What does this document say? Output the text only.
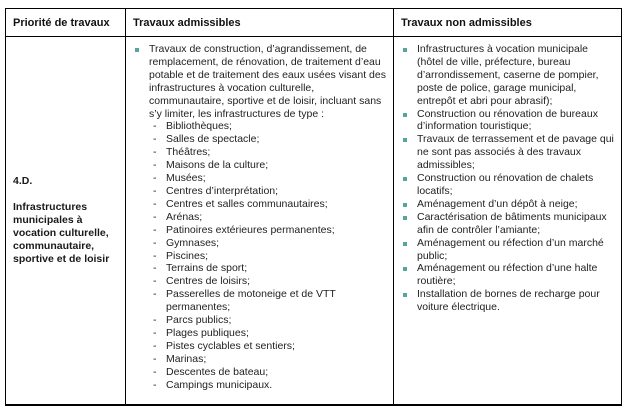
Priorité de travaux	Travaux admissibles	Travaux non admissibles
4.D.
Infrastructures municipales à vocation culturelle, communautaire, sportive et de loisir
Travaux de construction, d’agrandissement, de remplacement, de rénovation, de traitement d’eau potable et de traitement des eaux usées visant des infrastructures à vocation culturelle, communautaire, sportive et de loisir, incluant sans s’y limiter, les infrastructures de type :
- Bibliothèques;
- Salles de spectacle;
- Théâtres;
- Maisons de la culture;
- Musées;
- Centres d’interprétation;
- Centres et salles communautaires;
- Arénas;
- Patinoires extérieures permanentes;
- Gymnases;
- Piscines;
- Terrains de sport;
- Centres de loisirs;
- Passerelles de motoneige et de VTT permanentes;
- Parcs publics;
- Plages publiques;
- Pistes cyclables et sentiers;
- Marinas;
- Descentes de bateau;
- Campings municipaux.
Infrastructures à vocation municipale (hôtel de ville, préfecture, bureau d’arrondissement, caserne de pompier, poste de police, garage municipal, entrepôt et abri pour abrasif);
Construction ou rénovation de bureaux d’information touristique;
Travaux de terrassement et de pavage qui ne sont pas associés à des travaux admissibles;
Construction ou rénovation de chalets locatifs;
Aménagement d’un dépôt à neige;
Caractérisation de bâtiments municipaux afin de contrôler l’amiante;
Aménagement ou réfection d’un marché public;
Aménagement ou réfection d’une halte routière;
Installation de bornes de recharge pour voiture électrique.
